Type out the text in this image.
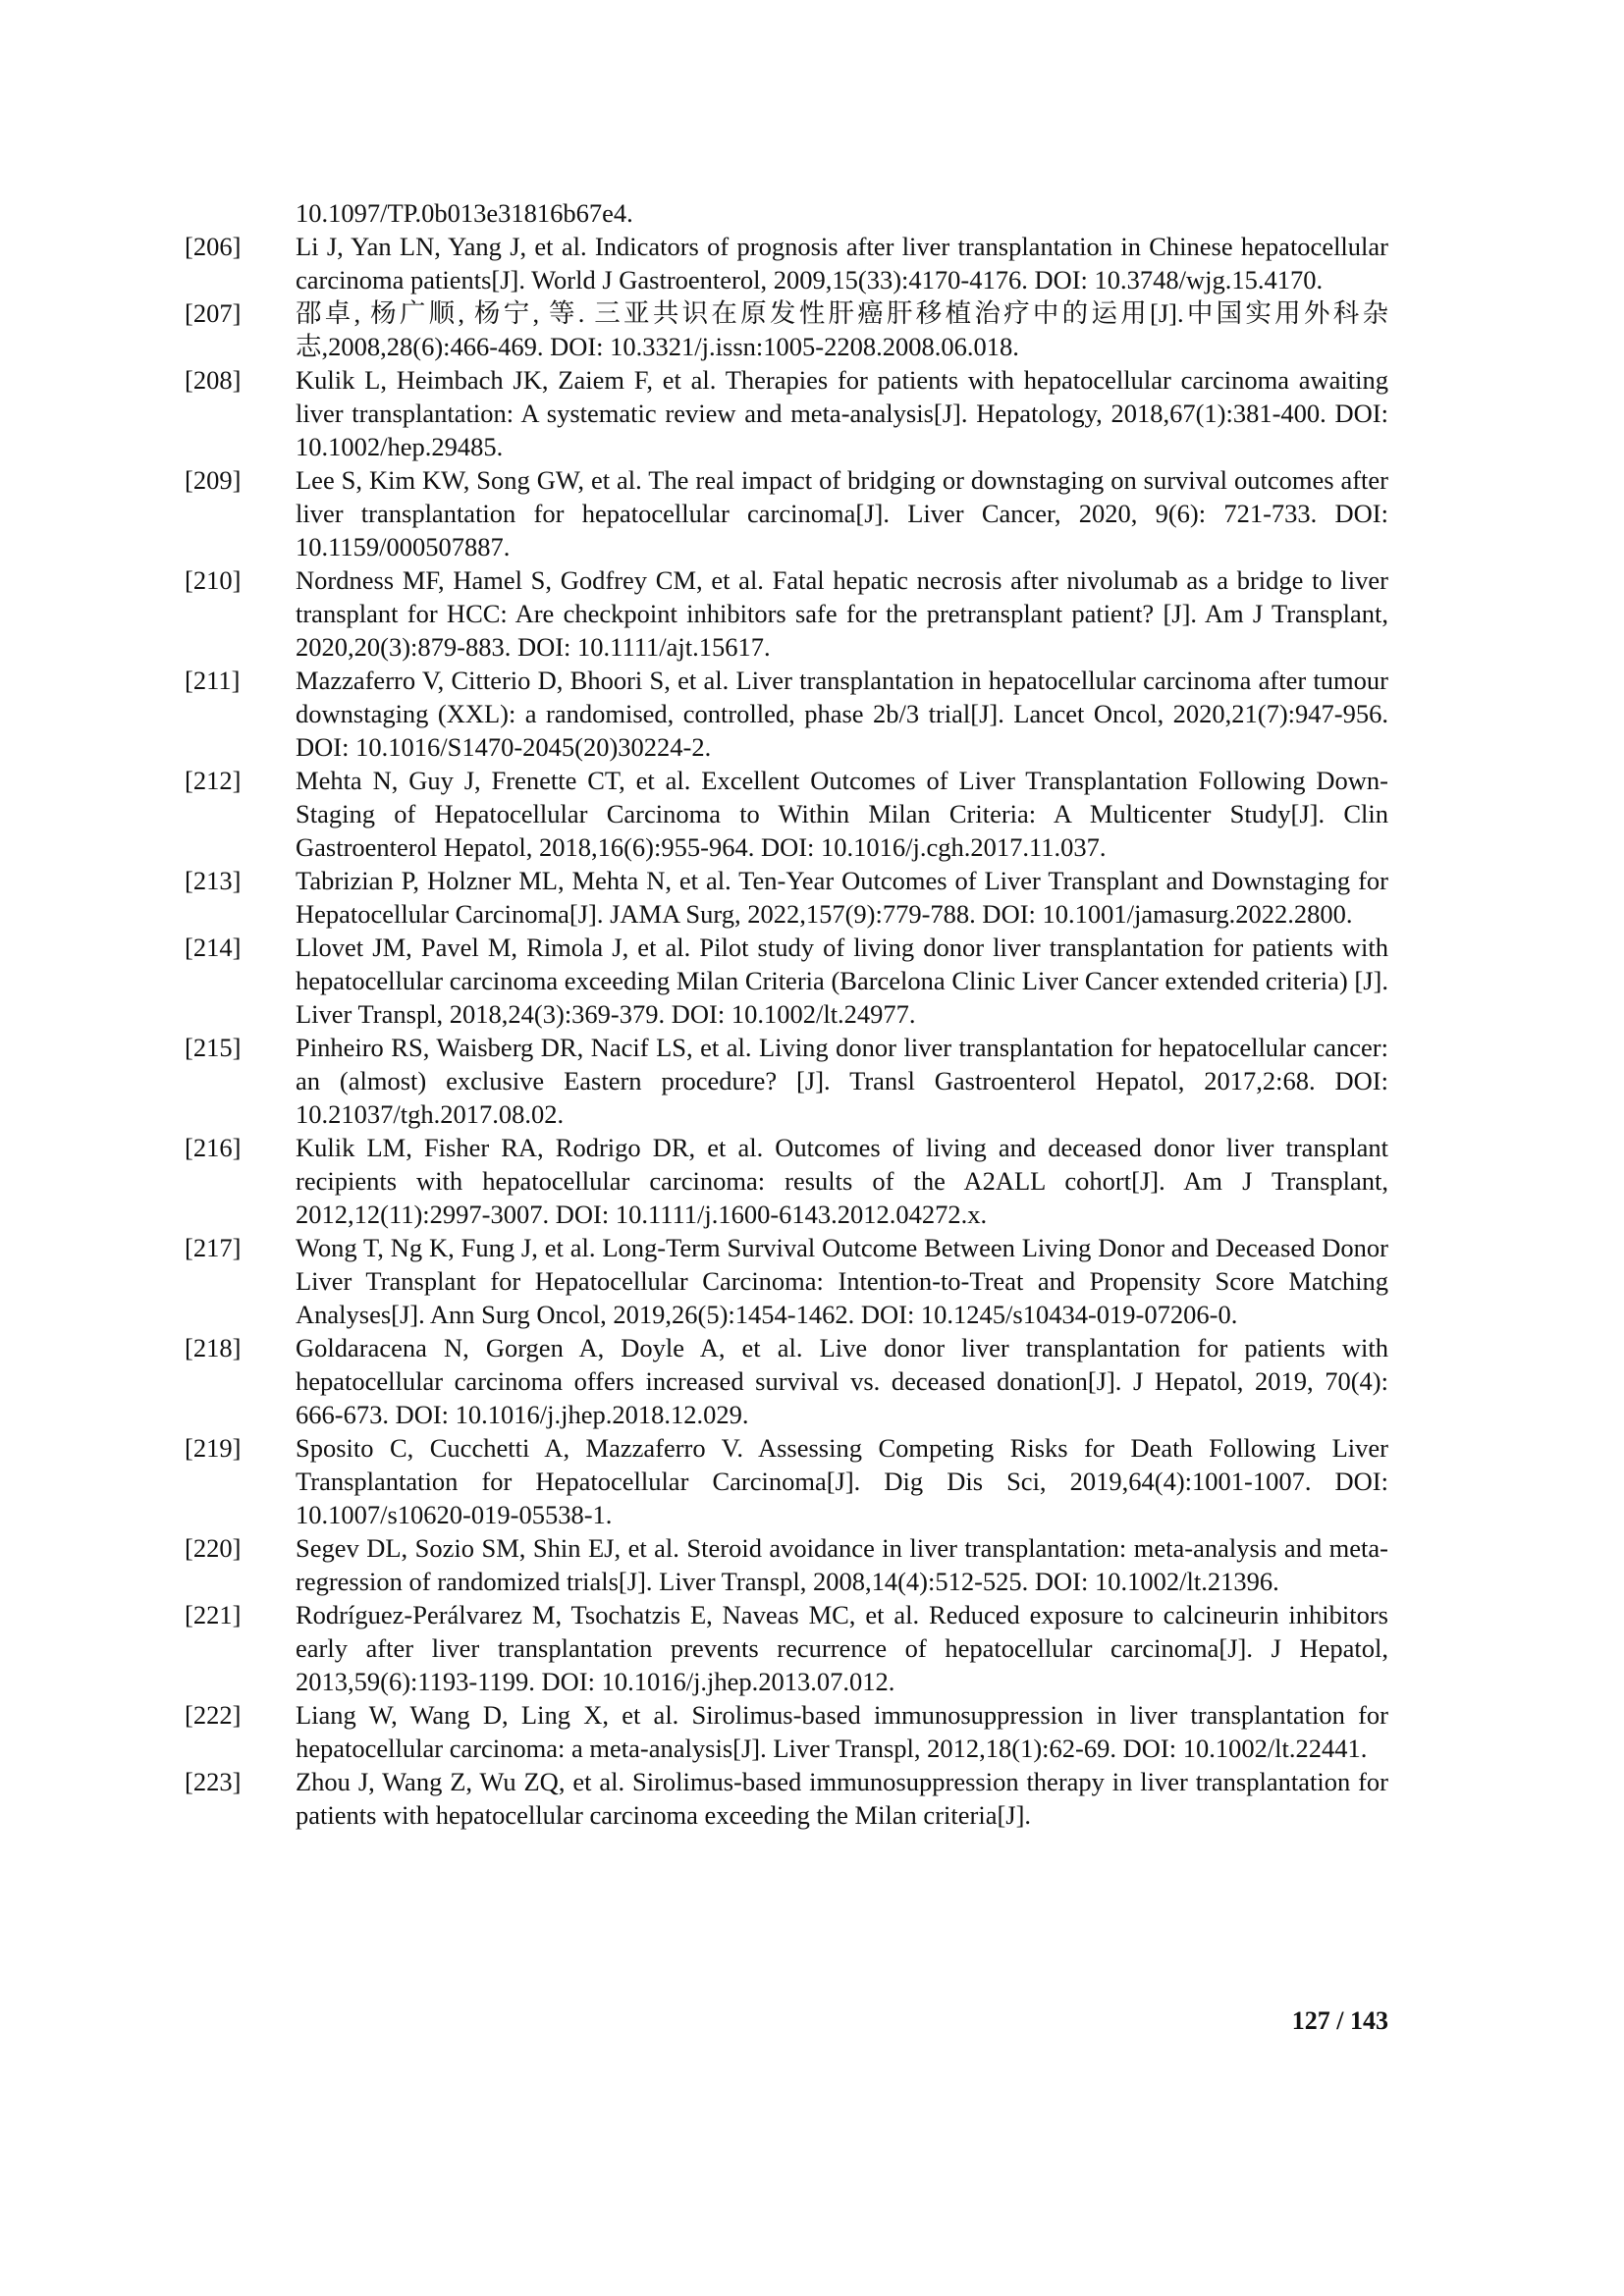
10.1097/TP.0b013e31816b67e4.

[206]	Li J, Yan LN, Yang J, et al. Indicators of prognosis after liver transplantation in Chinese hepatocellular carcinoma patients[J]. World J Gastroenterol, 2009,15(33):4170-4176. DOI: 10.3748/wjg.15.4170.

[207]	邵卓, 杨广顺, 杨宁, 等. 三亚共识在原发性肝癌肝移植治疗中的运用[J].中国实用外科杂志,2008,28(6):466-469. DOI: 10.3321/j.issn:1005-2208.2008.06.018.

[208]	Kulik L, Heimbach JK, Zaiem F, et al. Therapies for patients with hepatocellular carcinoma awaiting liver transplantation: A systematic review and meta-analysis[J]. Hepatology, 2018,67(1):381-400. DOI: 10.1002/hep.29485.

[209]	Lee S, Kim KW, Song GW, et al. The real impact of bridging or downstaging on survival outcomes after liver transplantation for hepatocellular carcinoma[J]. Liver Cancer, 2020, 9(6): 721-733. DOI: 10.1159/000507887.

[210]	Nordness MF, Hamel S, Godfrey CM, et al. Fatal hepatic necrosis after nivolumab as a bridge to liver transplant for HCC: Are checkpoint inhibitors safe for the pretransplant patient? [J]. Am J Transplant, 2020,20(3):879-883. DOI: 10.1111/ajt.15617.

[211]	Mazzaferro V, Citterio D, Bhoori S, et al. Liver transplantation in hepatocellular carcinoma after tumour downstaging (XXL): a randomised, controlled, phase 2b/3 trial[J]. Lancet Oncol, 2020,21(7):947-956. DOI: 10.1016/S1470-2045(20)30224-2.

[212]	Mehta N, Guy J, Frenette CT, et al. Excellent Outcomes of Liver Transplantation Following Down-Staging of Hepatocellular Carcinoma to Within Milan Criteria: A Multicenter Study[J]. Clin Gastroenterol Hepatol, 2018,16(6):955-964. DOI: 10.1016/j.cgh.2017.11.037.

[213]	Tabrizian P, Holzner ML, Mehta N, et al. Ten-Year Outcomes of Liver Transplant and Downstaging for Hepatocellular Carcinoma[J]. JAMA Surg, 2022,157(9):779-788. DOI: 10.1001/jamasurg.2022.2800.

[214]	Llovet JM, Pavel M, Rimola J, et al. Pilot study of living donor liver transplantation for patients with hepatocellular carcinoma exceeding Milan Criteria (Barcelona Clinic Liver Cancer extended criteria) [J]. Liver Transpl, 2018,24(3):369-379. DOI: 10.1002/lt.24977.

[215]	Pinheiro RS, Waisberg DR, Nacif LS, et al. Living donor liver transplantation for hepatocellular cancer: an (almost) exclusive Eastern procedure? [J]. Transl Gastroenterol Hepatol, 2017,2:68. DOI: 10.21037/tgh.2017.08.02.

[216]	Kulik LM, Fisher RA, Rodrigo DR, et al. Outcomes of living and deceased donor liver transplant recipients with hepatocellular carcinoma: results of the A2ALL cohort[J]. Am J Transplant, 2012,12(11):2997-3007. DOI: 10.1111/j.1600-6143.2012.04272.x.

[217]	Wong T, Ng K, Fung J, et al. Long-Term Survival Outcome Between Living Donor and Deceased Donor Liver Transplant for Hepatocellular Carcinoma: Intention-to-Treat and Propensity Score Matching Analyses[J]. Ann Surg Oncol, 2019,26(5):1454-1462. DOI: 10.1245/s10434-019-07206-0.

[218]	Goldaracena N, Gorgen A, Doyle A, et al. Live donor liver transplantation for patients with hepatocellular carcinoma offers increased survival vs. deceased donation[J]. J Hepatol, 2019, 70(4): 666-673. DOI: 10.1016/j.jhep.2018.12.029.

[219]	Sposito C, Cucchetti A, Mazzaferro V. Assessing Competing Risks for Death Following Liver Transplantation for Hepatocellular Carcinoma[J]. Dig Dis Sci, 2019,64(4):1001-1007. DOI: 10.1007/s10620-019-05538-1.

[220]	Segev DL, Sozio SM, Shin EJ, et al. Steroid avoidance in liver transplantation: meta-analysis and meta-regression of randomized trials[J]. Liver Transpl, 2008,14(4):512-525. DOI: 10.1002/lt.21396.

[221]	Rodríguez-Perálvarez M, Tsochatzis E, Naveas MC, et al. Reduced exposure to calcineurin inhibitors early after liver transplantation prevents recurrence of hepatocellular carcinoma[J]. J Hepatol, 2013,59(6):1193-1199. DOI: 10.1016/j.jhep.2013.07.012.

[222]	Liang W, Wang D, Ling X, et al. Sirolimus-based immunosuppression in liver transplantation for hepatocellular carcinoma: a meta-analysis[J]. Liver Transpl, 2012,18(1):62-69. DOI: 10.1002/lt.22441.

[223]	Zhou J, Wang Z, Wu ZQ, et al. Sirolimus-based immunosuppression therapy in liver transplantation for patients with hepatocellular carcinoma exceeding the Milan criteria[J].

127 / 143
